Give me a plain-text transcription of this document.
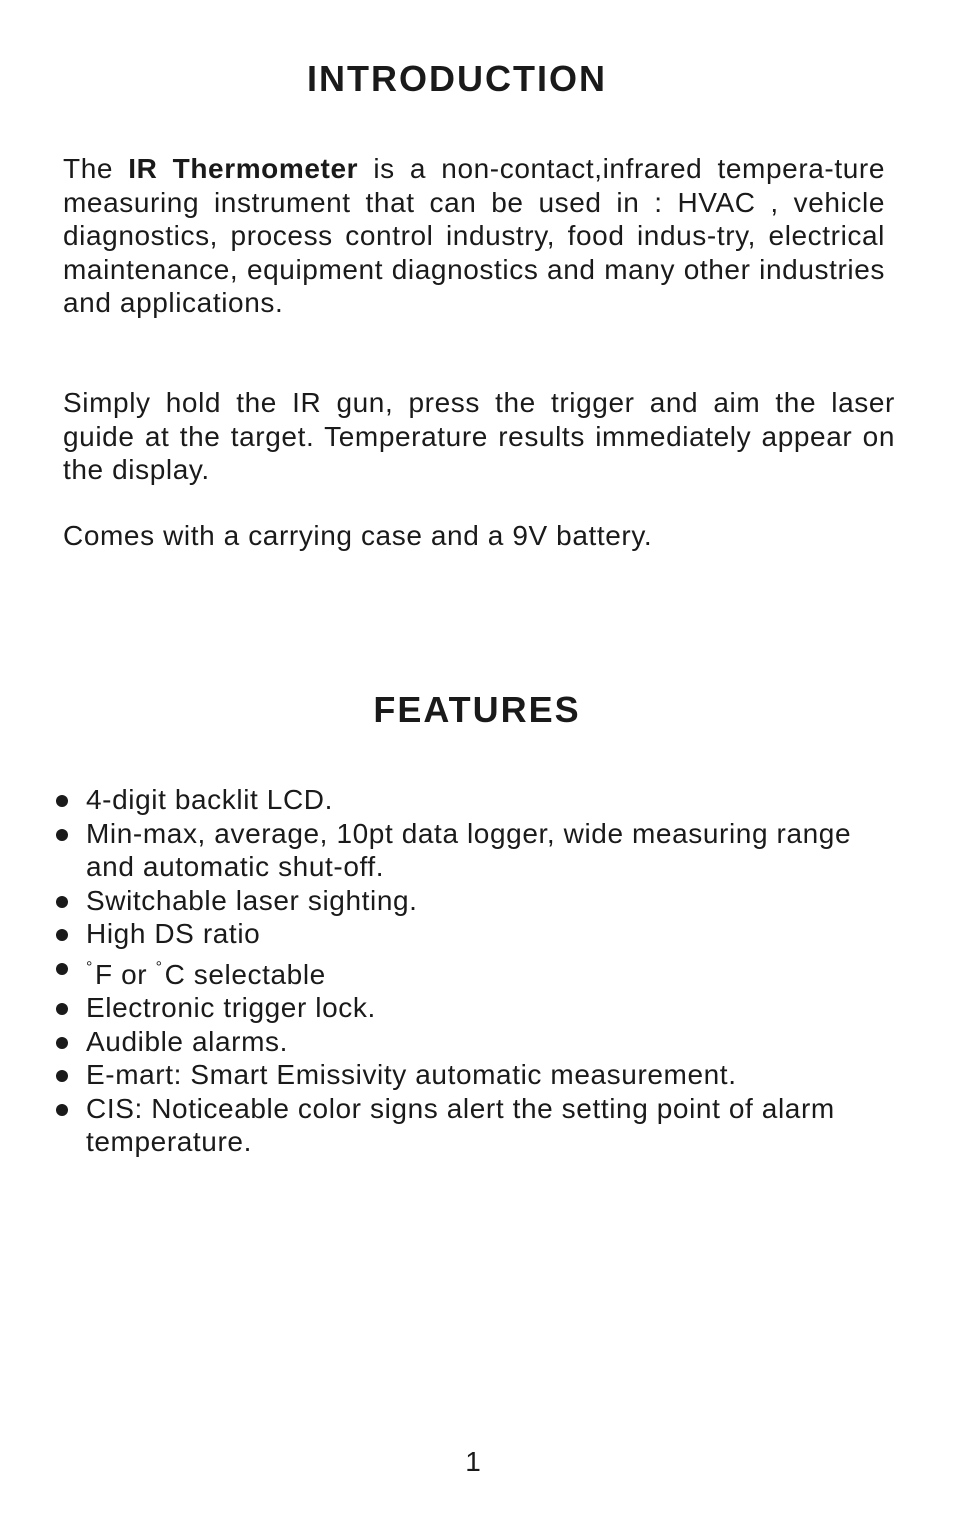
INTRODUCTION

The IR Thermometer is a non-contact,infrared tempera-ture measuring instrument that can be used in : HVAC , vehicle diagnostics, process control industry, food indus-try, electrical maintenance, equipment diagnostics and many other industries and applications.

Simply hold the IR gun, press the trigger and aim the laser guide at the target. Temperature results immediately appear on the display.

Comes with a carrying case and a 9V battery.

FEATURES
4-digit backlit LCD.
Min-max, average, 10pt data logger, wide measuring range and automatic shut-off.
Switchable laser sighting.
High DS ratio
°F or °C selectable
Electronic trigger lock.
Audible alarms.
E-mart: Smart Emissivity automatic measurement.
CIS: Noticeable color signs alert the setting point of alarm temperature.
1
